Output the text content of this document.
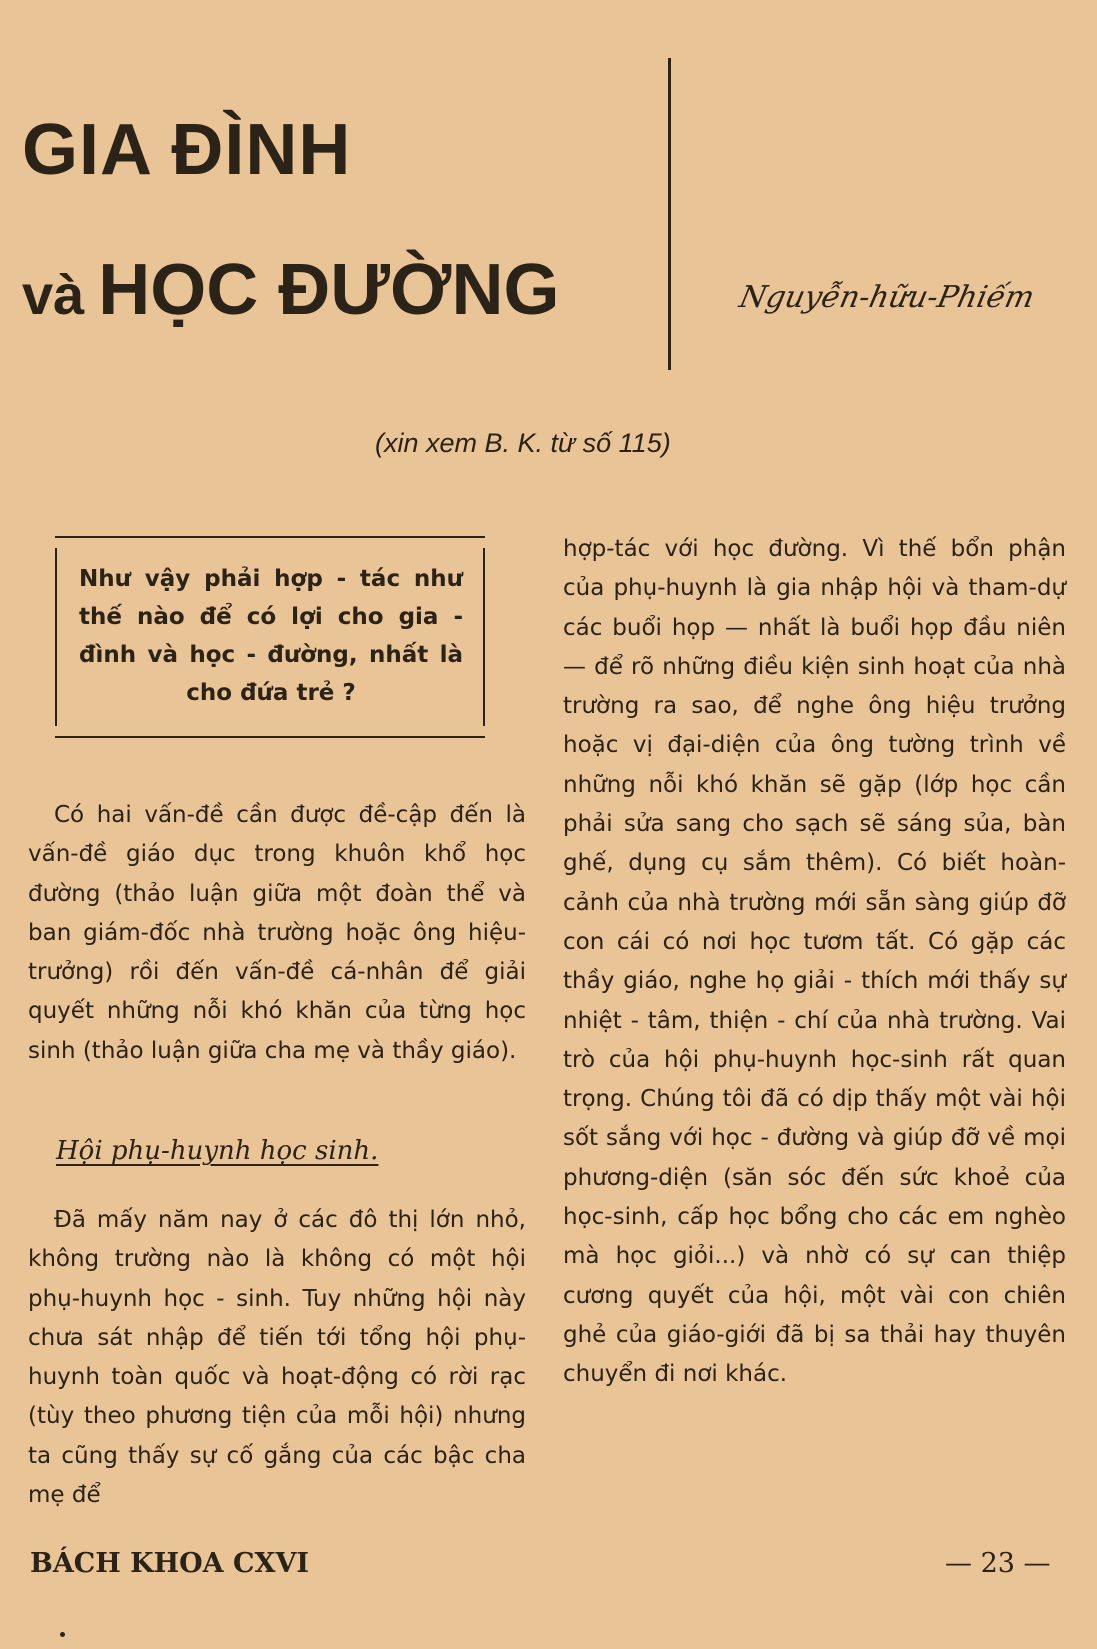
GIA ĐÌNH
và HỌC ĐƯỜNG	Nguyễn-hữu-Phiếm
(xin xem B. K. từ số 115)
Như vậy phải hợp - tác như thế nào để có lợi cho gia - đình và học - đường, nhất là cho đứa trẻ ?

Có hai vấn-đề cần được đề-cập đến là vấn-đề giáo dục trong khuôn khổ học đường (thảo luận giữa một đoàn thể và ban giám-đốc nhà trường hoặc ông hiệu-trưởng) rồi đến vấn-đề cá-nhân để giải quyết những nỗi khó khăn của từng học sinh (thảo luận giữa cha mẹ và thầy giáo).

Hội phụ-huynh học sinh.

Đã mấy năm nay ở các đô thị lớn nhỏ, không trường nào là không có một hội phụ-huynh học - sinh. Tuy những hội này chưa sát nhập để tiến tới tổng hội phụ-huynh toàn quốc và hoạt-động có rời rạc (tùy theo phương tiện của mỗi hội) nhưng ta cũng thấy sự cố gắng của các bậc cha mẹ để

hợp-tác với học đường. Vì thế bổn phận của phụ-huynh là gia nhập hội và tham-dự các buổi họp — nhất là buổi họp đầu niên — để rõ những điều kiện sinh hoạt của nhà trường ra sao, để nghe ông hiệu trưởng hoặc vị đại-diện của ông tường trình về những nỗi khó khăn sẽ gặp (lớp học cần phải sửa sang cho sạch sẽ sáng sủa, bàn ghế, dụng cụ sắm thêm). Có biết hoàn-cảnh của nhà trường mới sẵn sàng giúp đỡ con cái có nơi học tươm tất. Có gặp các thầy giáo, nghe họ giải - thích mới thấy sự nhiệt - tâm, thiện - chí của nhà trường. Vai trò của hội phụ-huynh học-sinh rất quan trọng. Chúng tôi đã có dịp thấy một vài hội sốt sắng với học - đường và giúp đỡ về mọi phương-diện (săn sóc đến sức khoẻ của học-sinh, cấp học bổng cho các em nghèo mà học giỏi...) và nhờ có sự can thiệp cương quyết của hội, một vài con chiên ghẻ của giáo-giới đã bị sa thải hay thuyên chuyển đi nơi khác.

BÁCH KHOA CXVI	— 23 —
